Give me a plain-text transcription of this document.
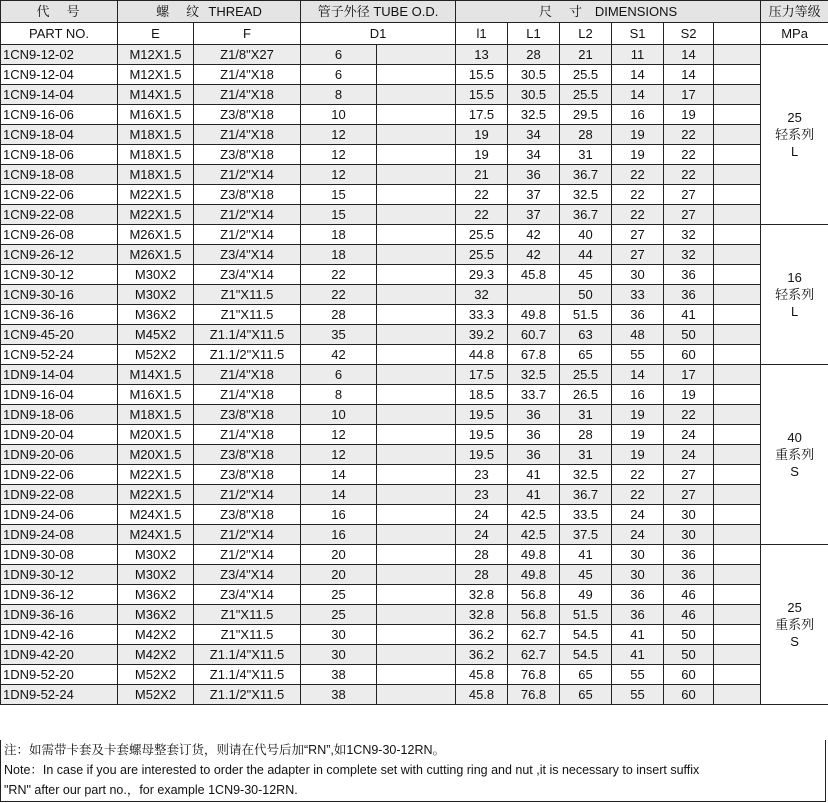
代　号	螺　纹 THREAD		管子外径 TUBE O.D.		尺　寸 DIMENSIONS						压力等级
PART NO.	E	F	D1		l1	L1	L2	S1	S2		MPa
1CN9-12-02	M12X1.5	Z1/8"X27	6		13	28	21	11	14		25
轻系列
L

1CN9-12-04	M12X1.5	Z1/4"X18	6		15.5	30.5	25.5	14	14		
1CN9-14-04	M14X1.5	Z1/4"X18	8		15.5	30.5	25.5	14	17		
1CN9-16-06	M16X1.5	Z3/8"X18	10		17.5	32.5	29.5	16	19		
1CN9-18-04	M18X1.5	Z1/4"X18	12		19	34	28	19	22		
1CN9-18-06	M18X1.5	Z3/8"X18	12		19	34	31	19	22		
1CN9-18-08	M18X1.5	Z1/2"X14	12		21	36	36.7	22	22		
1CN9-22-06	M22X1.5	Z3/8"X18	15		22	37	32.5	22	27		
1CN9-22-08	M22X1.5	Z1/2"X14	15		22	37	36.7	22	27		
1CN9-26-08	M26X1.5	Z1/2"X14	18		25.5	42	40	27	32		16
轻系列
L

1CN9-26-12	M26X1.5	Z3/4"X14	18		25.5	42	44	27	32		
1CN9-30-12	M30X2	Z3/4"X14	22		29.3	45.8	45	30	36		
1CN9-30-16	M30X2	Z1"X11.5	22		32		50	33	36		
1CN9-36-16	M36X2	Z1"X11.5	28		33.3	49.8	51.5	36	41		
1CN9-45-20	M45X2	Z1.1/4"X11.5	35		39.2	60.7	63	48	50		
1CN9-52-24	M52X2	Z1.1/2"X11.5	42		44.8	67.8	65	55	60		
1DN9-14-04	M14X1.5	Z1/4"X18	6		17.5	32.5	25.5	14	17		40
重系列
S

1DN9-16-04	M16X1.5	Z1/4"X18	8		18.5	33.7	26.5	16	19		
1DN9-18-06	M18X1.5	Z3/8"X18	10		19.5	36	31	19	22		
1DN9-20-04	M20X1.5	Z1/4"X18	12		19.5	36	28	19	24		
1DN9-20-06	M20X1.5	Z3/8"X18	12		19.5	36	31	19	24		
1DN9-22-06	M22X1.5	Z3/8"X18	14		23	41	32.5	22	27		
1DN9-22-08	M22X1.5	Z1/2"X14	14		23	41	36.7	22	27		
1DN9-24-06	M24X1.5	Z3/8"X18	16		24	42.5	33.5	24	30		
1DN9-24-08	M24X1.5	Z1/2"X14	16		24	42.5	37.5	24	30		
1DN9-30-08	M30X2	Z1/2"X14	20		28	49.8	41	30	36		25
重系列
S

1DN9-30-12	M30X2	Z3/4"X14	20		28	49.8	45	30	36		
1DN9-36-12	M36X2	Z3/4"X14	25		32.8	56.8	49	36	46		
1DN9-36-16	M36X2	Z1"X11.5	25		32.8	56.8	51.5	36	46		
1DN9-42-16	M42X2	Z1"X11.5	30		36.2	62.7	54.5	41	50		
1DN9-42-20	M42X2	Z1.1/4"X11.5	30		36.2	62.7	54.5	41	50		
1DN9-52-20	M52X2	Z1.1/4"X11.5	38		45.8	76.8	65	55	60		
1DN9-52-24	M52X2	Z1.1/2"X11.5	38		45.8	76.8	65	55	60		
注：如需带卡套及卡套螺母整套订货，则请在代号后加“RN”,如1CN9-30-12RN。
Note：In case if you are interested to order the adapter in complete set with cutting ring and nut ,it is necessary to insert suffix
"RN" after our part no.，for example 1CN9-30-12RN.
